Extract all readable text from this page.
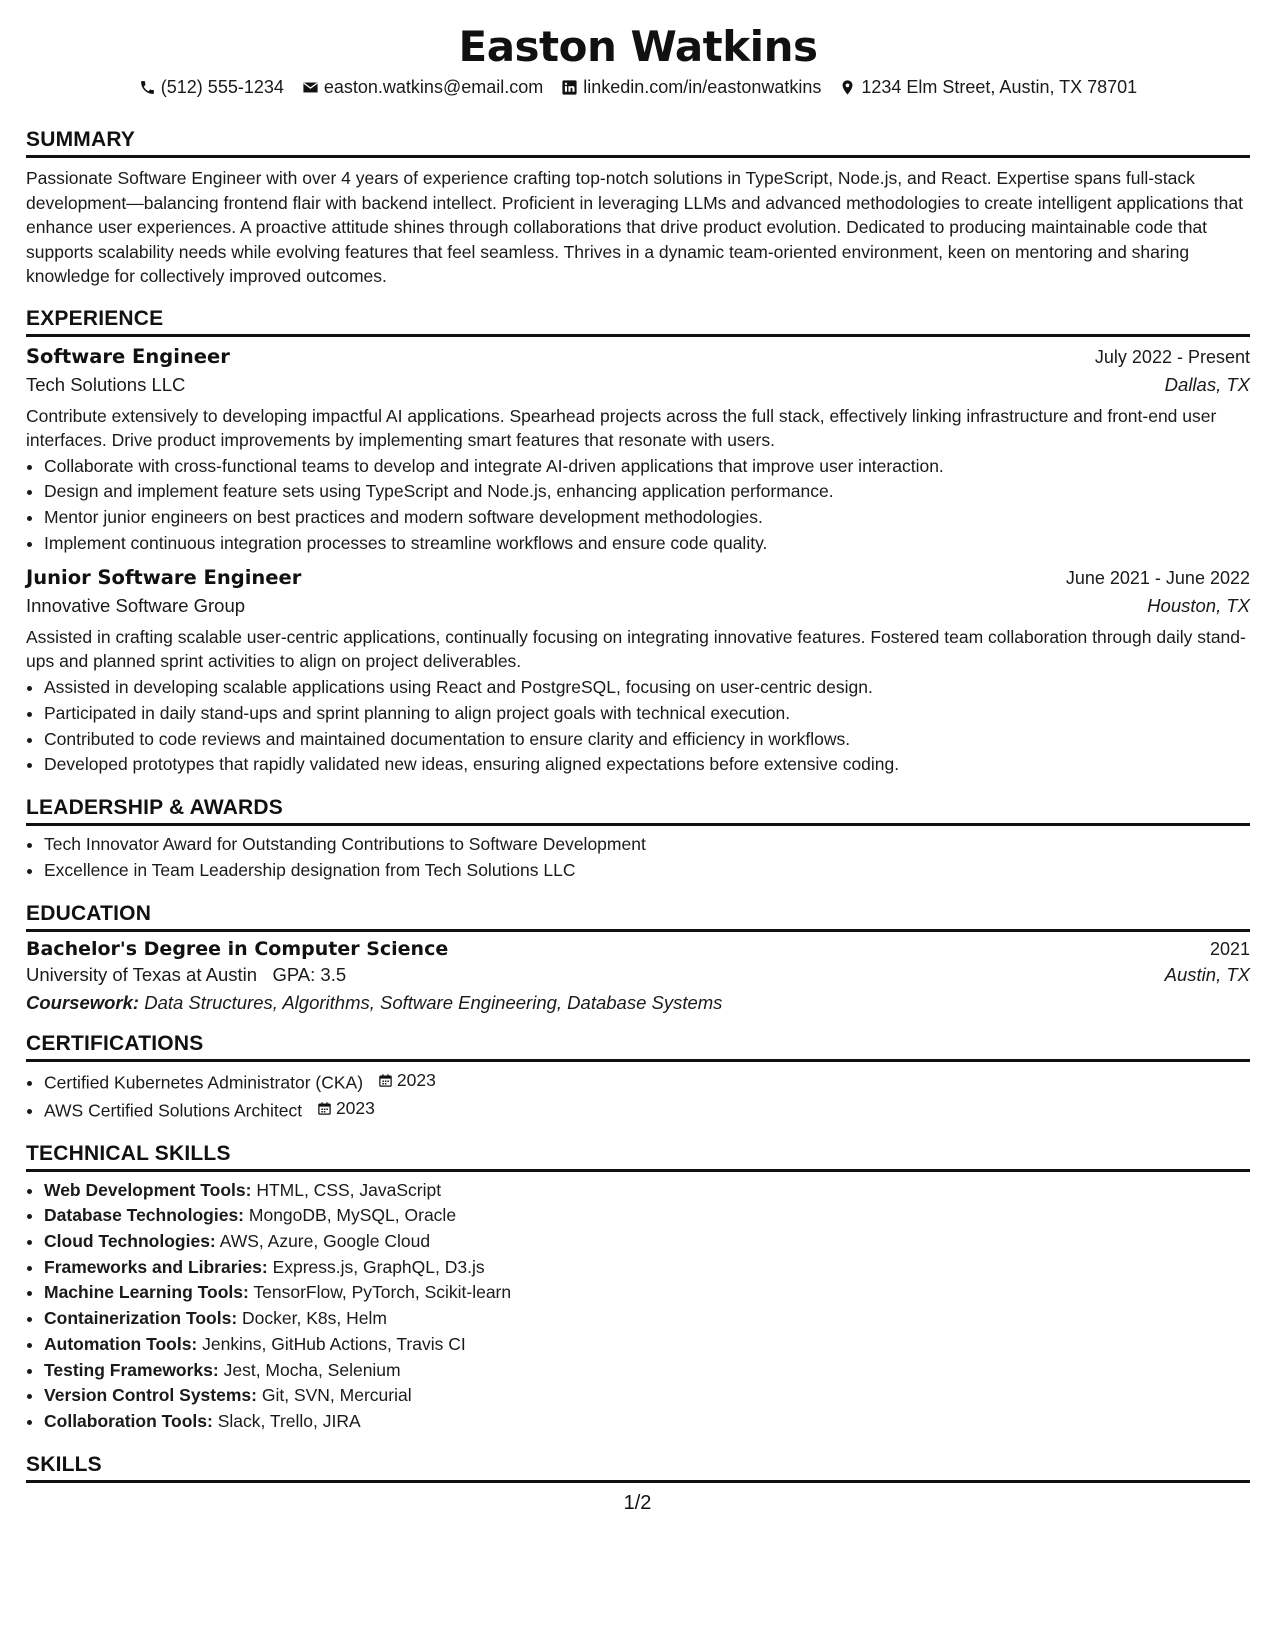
Easton Watkins
(512) 555-1234 easton.watkins@email.com linkedin.com/in/eastonwatkins 1234 Elm Street, Austin, TX 78701
SUMMARY
Passionate Software Engineer with over 4 years of experience crafting top-notch solutions in TypeScript, Node.js, and React. Expertise spans full-stack development—balancing frontend flair with backend intellect. Proficient in leveraging LLMs and advanced methodologies to create intelligent applications that enhance user experiences. A proactive attitude shines through collaborations that drive product evolution. Dedicated to producing maintainable code that supports scalability needs while evolving features that feel seamless. Thrives in a dynamic team-oriented environment, keen on mentoring and sharing knowledge for collectively improved outcomes.
EXPERIENCE
Software Engineer	July 2022 - Present
Tech Solutions LLC	Dallas, TX
Contribute extensively to developing impactful AI applications. Spearhead projects across the full stack, effectively linking infrastructure and front-end user interfaces. Drive product improvements by implementing smart features that resonate with users.
• Collaborate with cross-functional teams to develop and integrate AI-driven applications that improve user interaction.
• Design and implement feature sets using TypeScript and Node.js, enhancing application performance.
• Mentor junior engineers on best practices and modern software development methodologies.
• Implement continuous integration processes to streamline workflows and ensure code quality.
Junior Software Engineer	June 2021 - June 2022
Innovative Software Group	Houston, TX
Assisted in crafting scalable user-centric applications, continually focusing on integrating innovative features. Fostered team collaboration through daily stand-ups and planned sprint activities to align on project deliverables.
• Assisted in developing scalable applications using React and PostgreSQL, focusing on user-centric design.
• Participated in daily stand-ups and sprint planning to align project goals with technical execution.
• Contributed to code reviews and maintained documentation to ensure clarity and efficiency in workflows.
• Developed prototypes that rapidly validated new ideas, ensuring aligned expectations before extensive coding.
LEADERSHIP & AWARDS
• Tech Innovator Award for Outstanding Contributions to Software Development
• Excellence in Team Leadership designation from Tech Solutions LLC
EDUCATION
Bachelor's Degree in Computer Science	2021
University of Texas at Austin GPA: 3.5	Austin, TX
Coursework: Data Structures, Algorithms, Software Engineering, Database Systems
CERTIFICATIONS
• Certified Kubernetes Administrator (CKA) 2023
• AWS Certified Solutions Architect 2023
TECHNICAL SKILLS
• Web Development Tools: HTML, CSS, JavaScript
• Database Technologies: MongoDB, MySQL, Oracle
• Cloud Technologies: AWS, Azure, Google Cloud
• Frameworks and Libraries: Express.js, GraphQL, D3.js
• Machine Learning Tools: TensorFlow, PyTorch, Scikit-learn
• Containerization Tools: Docker, K8s, Helm
• Automation Tools: Jenkins, GitHub Actions, Travis CI
• Testing Frameworks: Jest, Mocha, Selenium
• Version Control Systems: Git, SVN, Mercurial
• Collaboration Tools: Slack, Trello, JIRA
SKILLS
1/2
